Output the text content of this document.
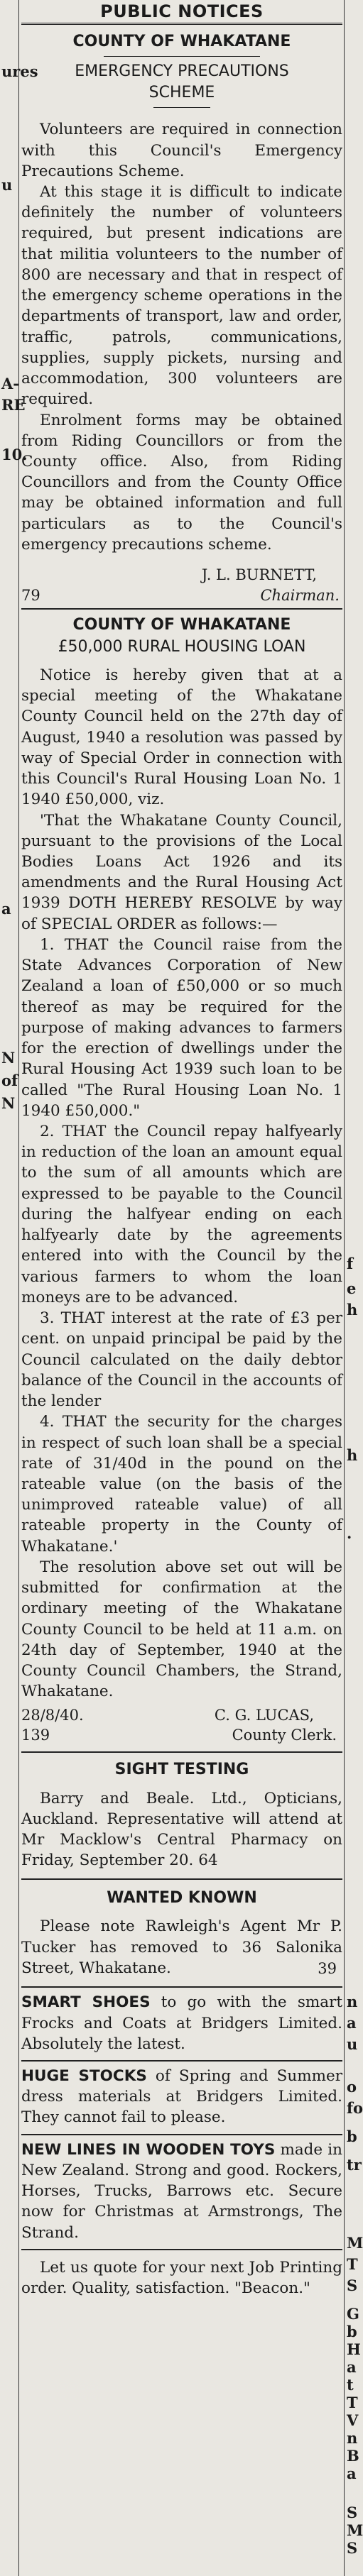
ures
u
A-
RE
10.
a
N
of
N
f
e
h
h
.
n
a
u
o
fo
b
tr
M
T
S
G
b
H
a
t
T
V
n
B
a
S
M
S
PUBLIC NOTICES
COUNTY OF WHAKATANE
EMERGENCY PRECAUTIONS SCHEME

Volunteers are required in connection with this Council's Emergency Precautions Scheme.

At this stage it is difficult to indicate definitely the number of volunteers required, but present indications are that militia volunteers to the number of 800 are necessary and that in respect of the emergency scheme operations in the departments of transport, law and order, traffic, patrols, communications, supplies, supply pickets, nursing and accommodation, 300 volunteers are required.

Enrolment forms may be obtained from Riding Councillors or from the County office. Also, from Riding Councillors and from the County Office may be obtained information and full particulars as to the Council's emergency precautions scheme.

J. L. BURNETT,
79	Chairman.
COUNTY OF WHAKATANE
£50,000 RURAL HOUSING LOAN

Notice is hereby given that at a special meeting of the Whakatane County Council held on the 27th day of August, 1940 a resolution was passed by way of Special Order in connection with this Council's Rural Housing Loan No. 1 1940 £50,000, viz.

'That the Whakatane County Council, pursuant to the provisions of the Local Bodies Loans Act 1926 and its amendments and the Rural Housing Act 1939 DOTH HEREBY RESOLVE by way of SPECIAL ORDER as follows:—

1. THAT the Council raise from the State Advances Corporation of New Zealand a loan of £50,000 or so much thereof as may be required for the purpose of making advances to farmers for the erection of dwellings under the Rural Housing Act 1939 such loan to be called "The Rural Housing Loan No. 1 1940 £50,000."

2. THAT the Council repay halfyearly in reduction of the loan an amount equal to the sum of all amounts which are expressed to be payable to the Council during the halfyear ending on each halfyearly date by the agreements entered into with the Council by the various farmers to whom the loan moneys are to be advanced.

3. THAT interest at the rate of £3 per cent. on unpaid principal be paid by the Council calculated on the daily debtor balance of the Council in the accounts of the lender

4. THAT the security for the charges in respect of such loan shall be a special rate of 31/40d in the pound on the rateable value (on the basis of the unimproved rateable value) of all rateable property in the County of Whakatane.'

The resolution above set out will be submitted for confirmation at the ordinary meeting of the Whakatane County Council to be held at 11 a.m. on 24th day of September, 1940 at the County Council Chambers, the Strand, Whakatane.

28/8/40.	C. G. LUCAS,
139	County Clerk.
SIGHT TESTING

Barry and Beale. Ltd., Opticians, Auckland. Representative will attend at Mr Macklow's Central Pharmacy on Friday, September 20. 64

WANTED KNOWN

Please note Rawleigh's Agent Mr P. Tucker has removed to 36 Salonika Street, Whakatane.	39

SMART SHOES to go with the smart Frocks and Coats at Bridgers Limited. Absolutely the latest.

HUGE STOCKS of Spring and Summer dress materials at Bridgers Limited. They cannot fail to please.

NEW LINES IN WOODEN TOYS made in New Zealand. Strong and good. Rockers, Horses, Trucks, Barrows etc. Secure now for Christmas at Armstrongs, The Strand.

Let us quote for your next Job Printing order. Quality, satisfaction. "Beacon."
